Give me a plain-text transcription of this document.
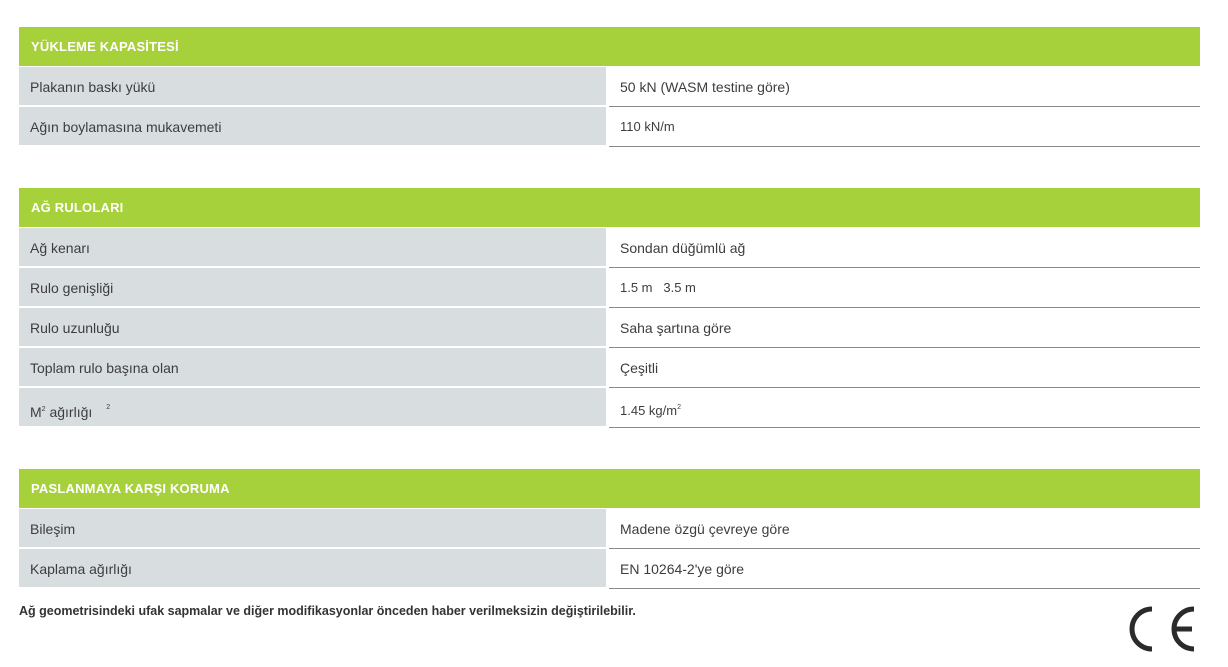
YÜKLEME KAPASİTESİ
Plakanın baskı yükü	50 kN (WASM testine göre)
Ağın boylamasına mukavemeti	110 kN/m
AĞ RULOLARI
Ağ kenarı	Sondan düğümlü ağ
Rulo genişliği	1.5 m   3.5 m
Rulo uzunluğu	Saha şartına göre
Toplam rulo başına olan	Çeşitli
$M^2$ ağırlığı $^2$	1.45 $kg/m^2$
PASLANMAYA KARŞI KORUMA
Bileşim	Madene özgü çevreye göre
Kaplama ağırlığı	EN 10264-2'ye göre
Ağ geometrisindeki ufak sapmalar ve diğer modifikasyonlar önceden haber verilmeksizin değiştirilebilir.
